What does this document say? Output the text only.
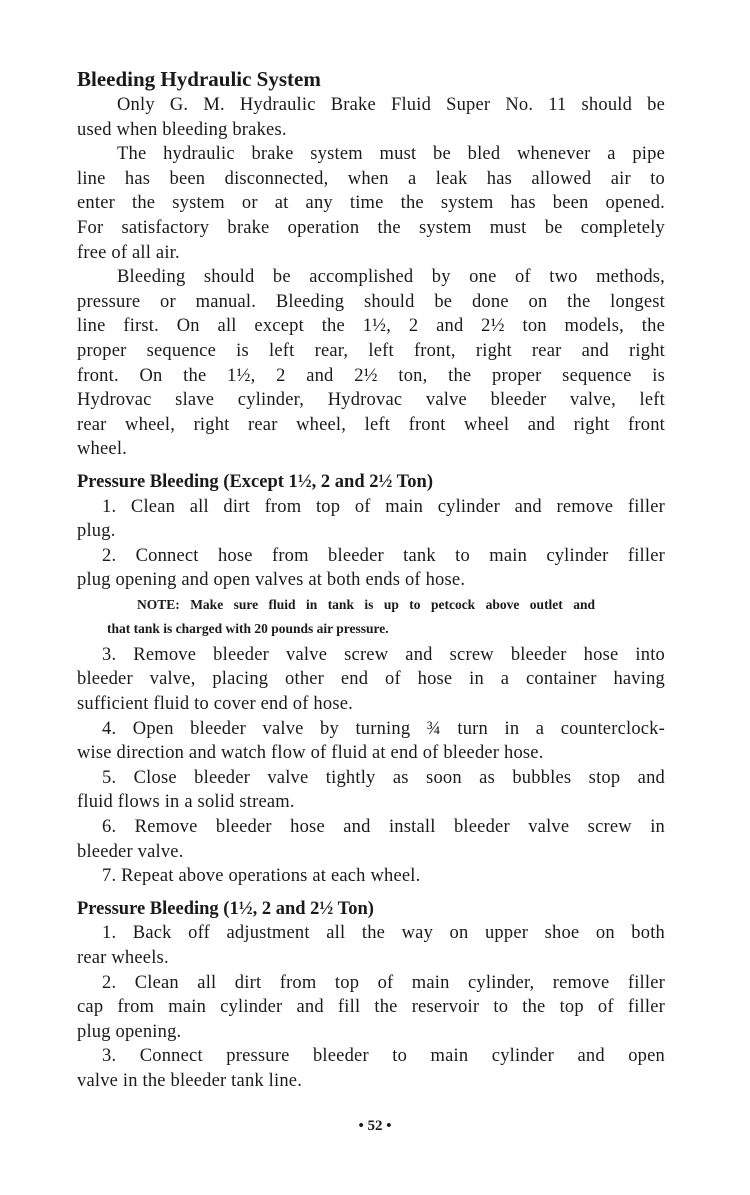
Bleeding Hydraulic System
Only G. M. Hydraulic Brake Fluid Super No. 11 should be
used when bleeding brakes.
The hydraulic brake system must be bled whenever a pipe
line has been disconnected, when a leak has allowed air to
enter the system or at any time the system has been opened.
For satisfactory brake operation the system must be completely
free of all air.
Bleeding should be accomplished by one of two methods,
pressure or manual. Bleeding should be done on the longest
line first. On all except the 1½, 2 and 2½ ton models, the
proper sequence is left rear, left front, right rear and right
front. On the 1½, 2 and 2½ ton, the proper sequence is
Hydrovac slave cylinder, Hydrovac valve bleeder valve, left
rear wheel, right rear wheel, left front wheel and right front
wheel.
Pressure Bleeding (Except 1½, 2 and 2½ Ton)
1. Clean all dirt from top of main cylinder and remove filler
plug.
2. Connect hose from bleeder tank to main cylinder filler
plug opening and open valves at both ends of hose.
NOTE: Make sure fluid in tank is up to petcock above outlet and
that tank is charged with 20 pounds air pressure.
3. Remove bleeder valve screw and screw bleeder hose into
bleeder valve, placing other end of hose in a container having
sufficient fluid to cover end of hose.
4. Open bleeder valve by turning ¾ turn in a counterclock-
wise direction and watch flow of fluid at end of bleeder hose.
5. Close bleeder valve tightly as soon as bubbles stop and
fluid flows in a solid stream.
6. Remove bleeder hose and install bleeder valve screw in
bleeder valve.
7. Repeat above operations at each wheel.
Pressure Bleeding (1½, 2 and 2½ Ton)
1. Back off adjustment all the way on upper shoe on both
rear wheels.
2. Clean all dirt from top of main cylinder, remove filler
cap from main cylinder and fill the reservoir to the top of filler
plug opening.
3. Connect pressure bleeder to main cylinder and open
valve in the bleeder tank line.
• 52 •
